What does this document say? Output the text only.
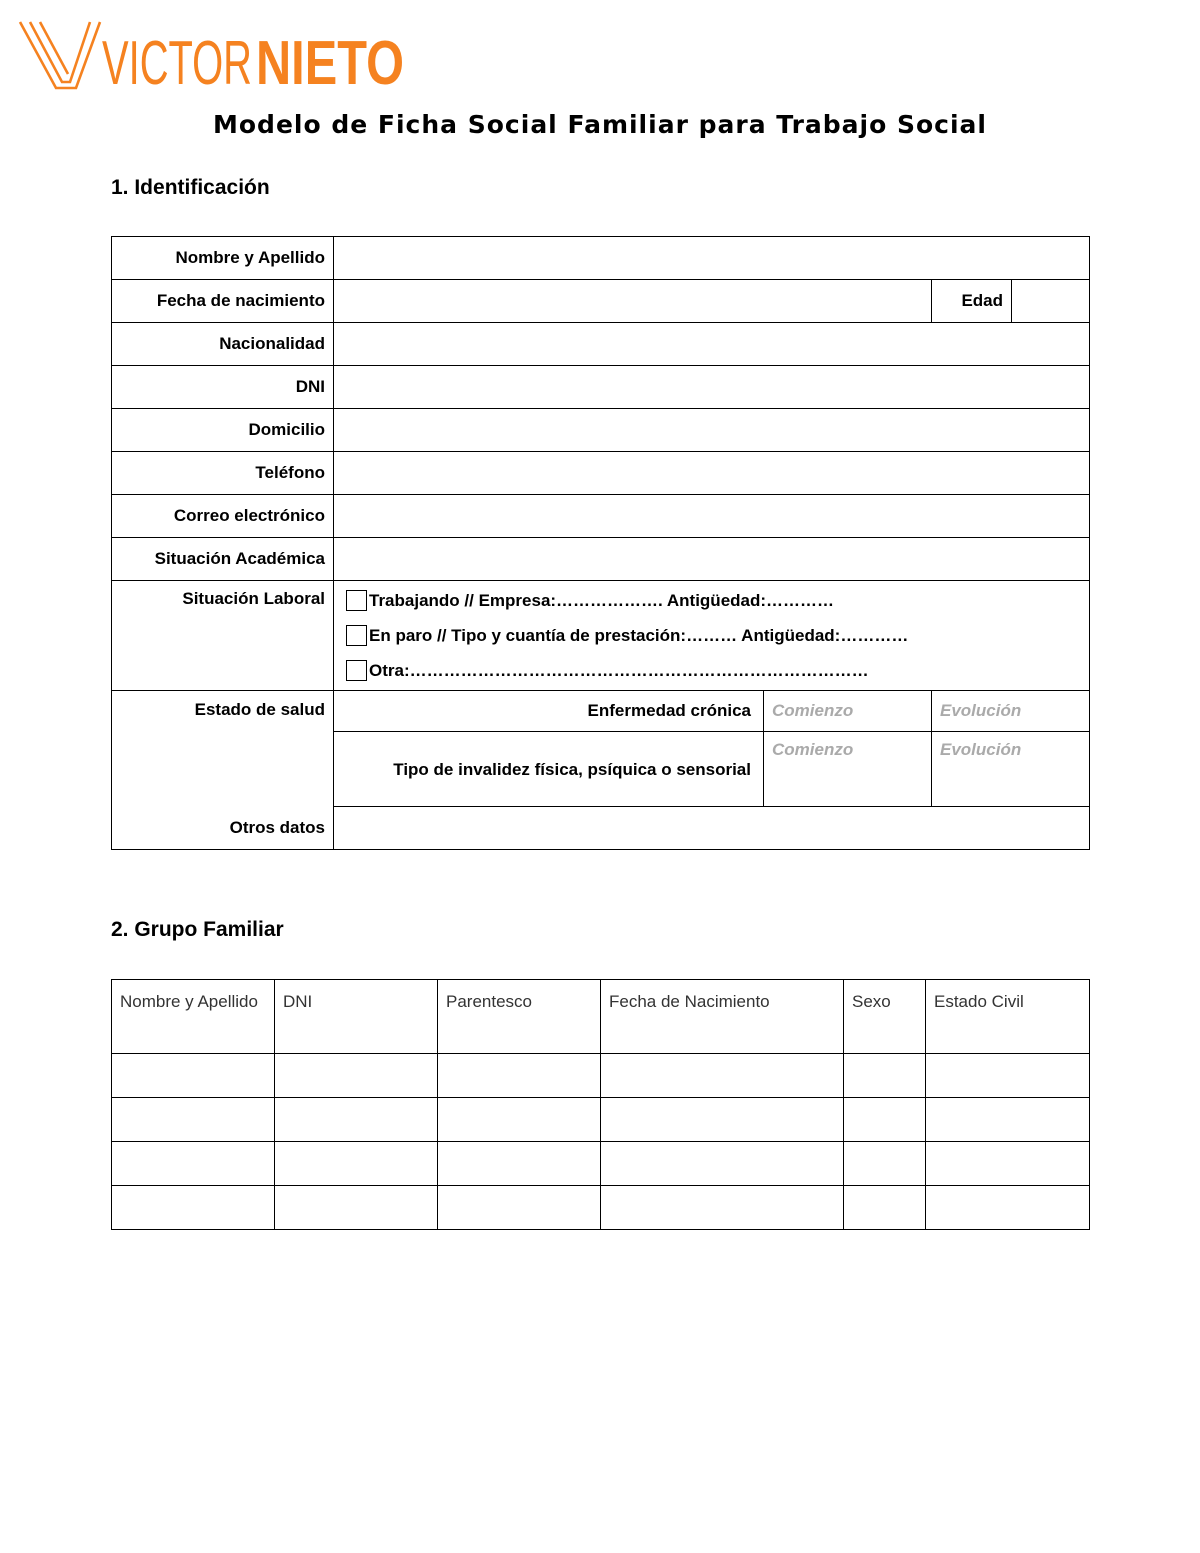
VICTOR NIETO
Modelo de Ficha Social Familiar para Trabajo Social
1. Identificación
Nombre y Apellido				
Fecha de nacimiento			Edad	
Nacionalidad				
DNI				
Domicilio				
Teléfono				
Correo electrónico				
Situación Académica				
Situación Laboral	Trabajando // Empresa:………………. Antigüedad:…………
En paro // Tipo y cuantía de prestación:……… Antigüedad:…………
Otra:………………………………………………………………………			

Estado de salud	Enfermedad crónica	Comienzo	Evolución	
	Tipo de invalidez física, psíquica o sensorial	Comienzo	Evolución	
Otros datos				
2. Grupo Familiar
Nombre y Apellido	DNI	Parentesco	Fecha de Nacimiento	Sexo	Estado Civil
